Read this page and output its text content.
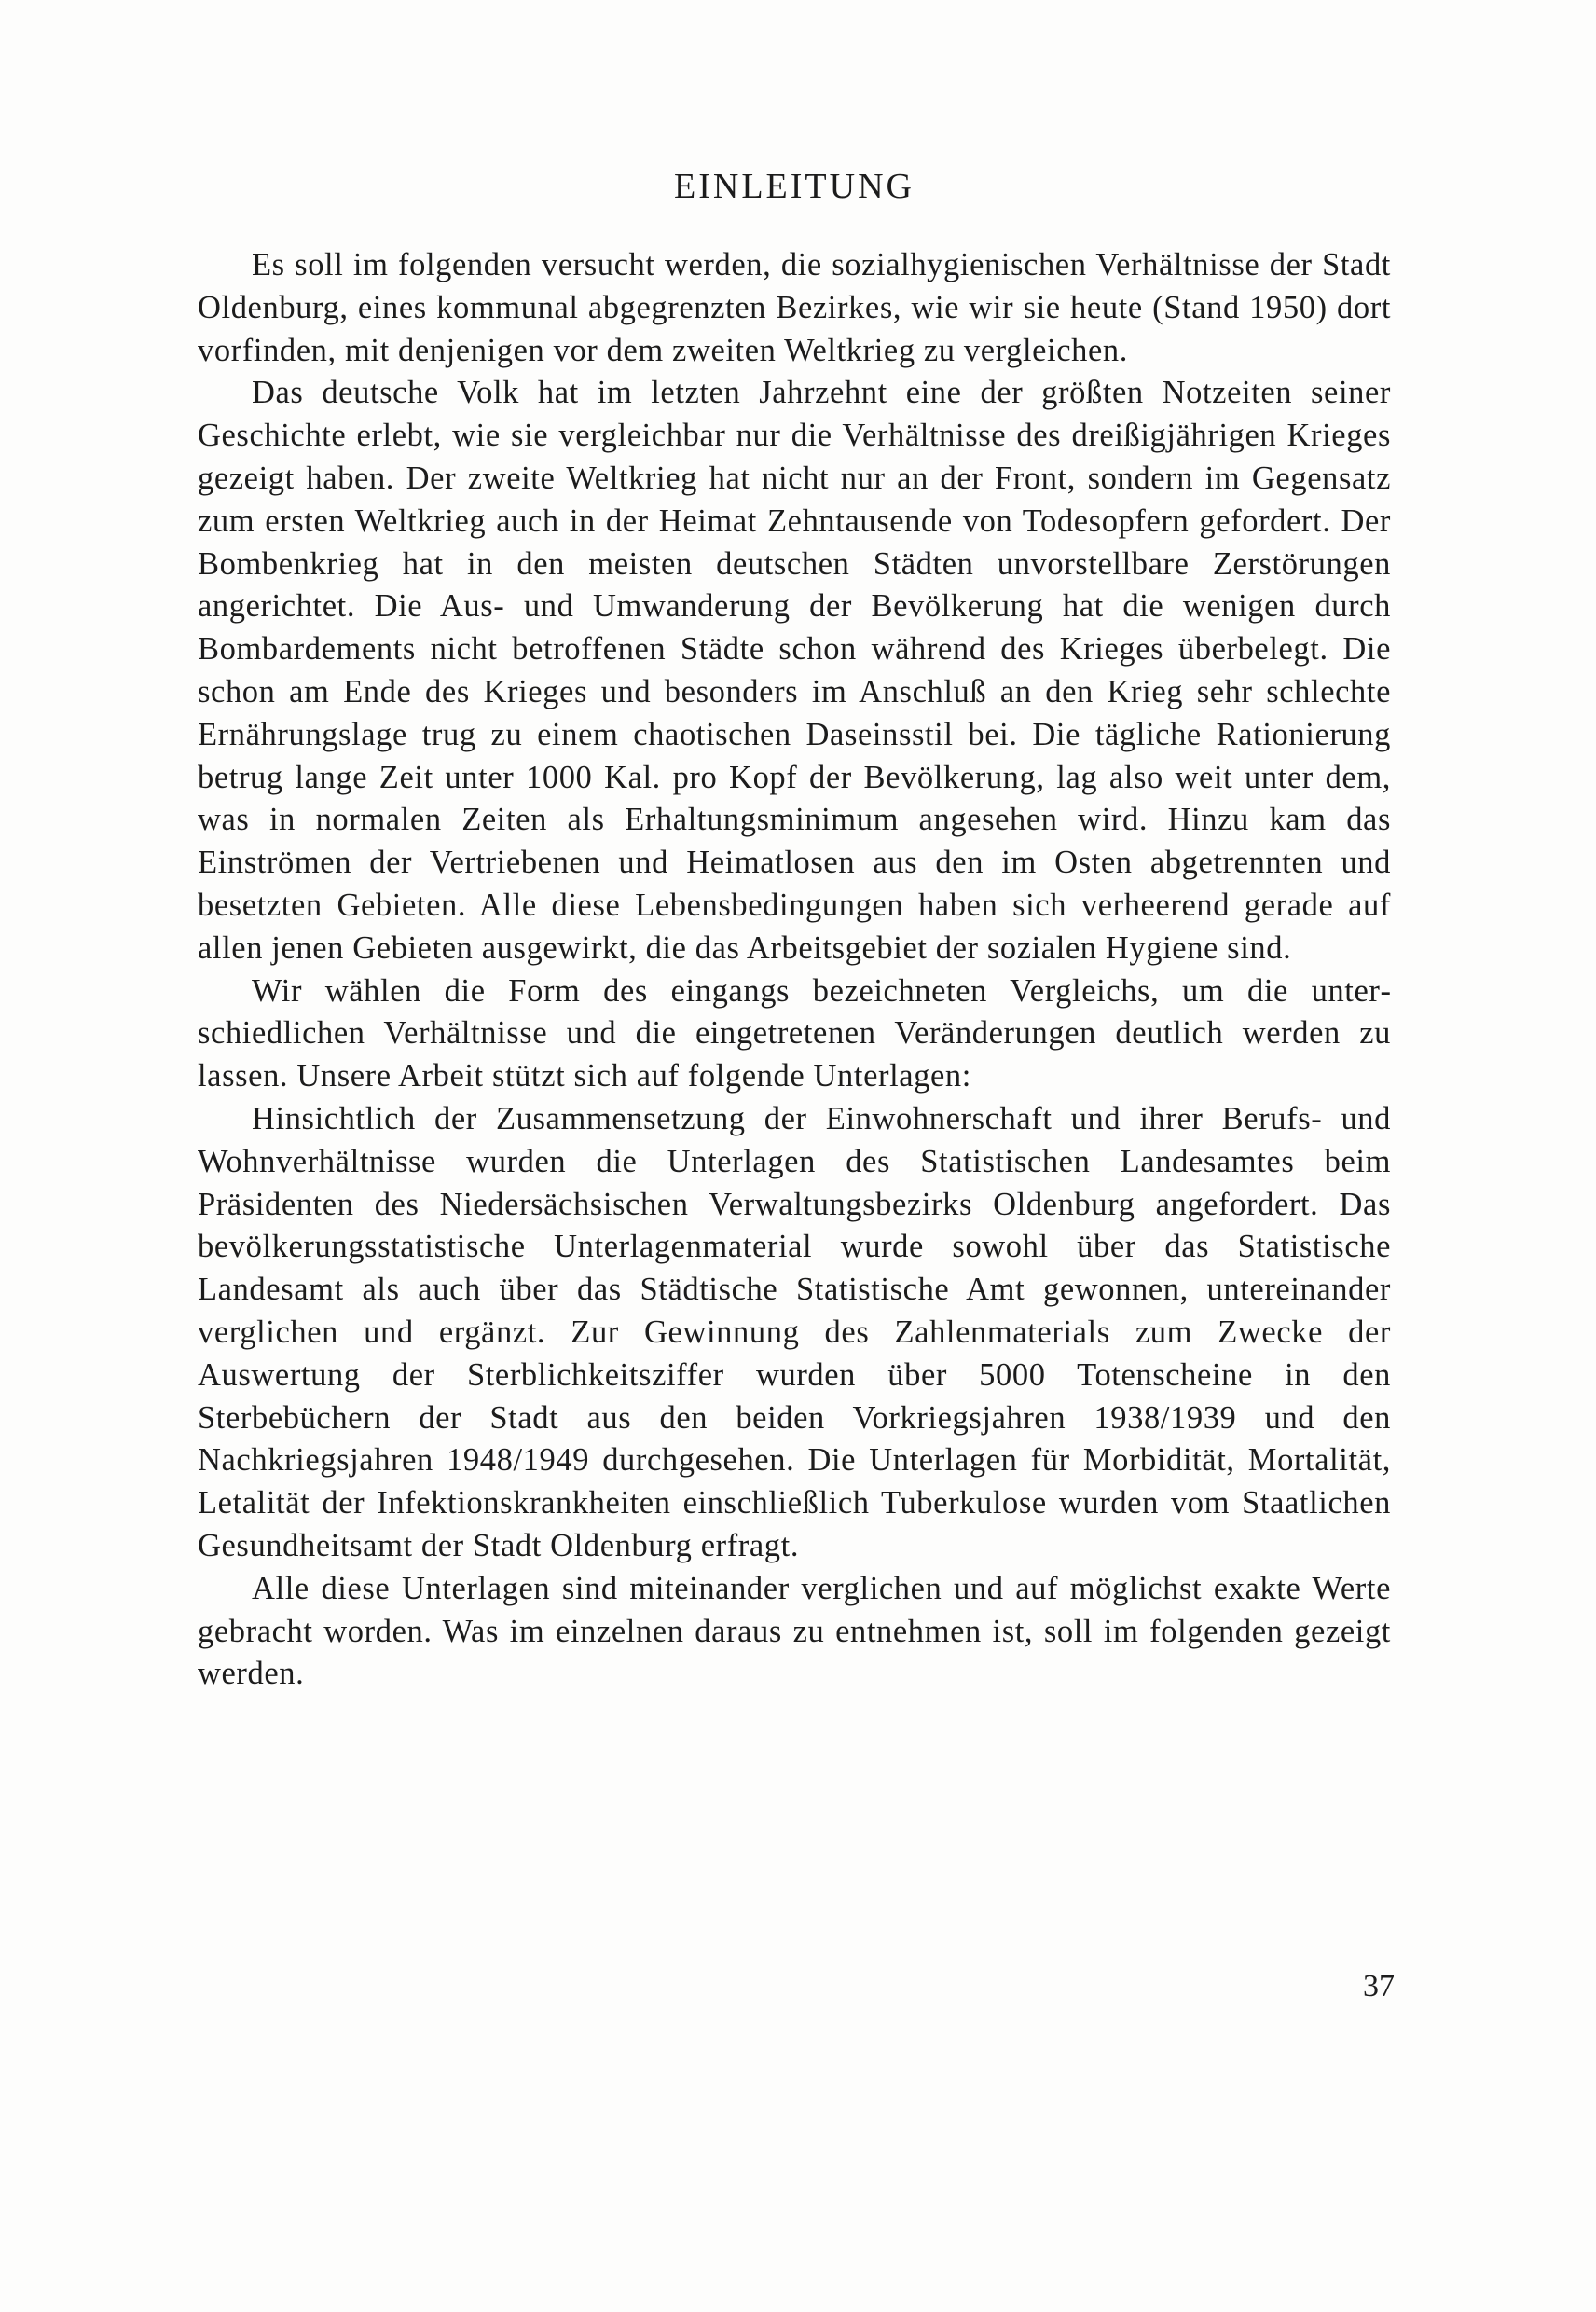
EINLEITUNG

Es soll im folgenden versucht werden, die sozialhygienischen Verhältnisse der Stadt Oldenburg, eines kommunal abgegrenzten Bezirkes, wie wir sie heute (Stand 1950) dort vorfinden, mit denjenigen vor dem zweiten Weltkrieg zu vergleichen.

Das deutsche Volk hat im letzten Jahrzehnt eine der größten Notzeiten seiner Geschichte erlebt, wie sie vergleichbar nur die Verhältnisse des dreißigjährigen Krieges gezeigt haben. Der zweite Weltkrieg hat nicht nur an der Front, sondern im Gegensatz zum ersten Weltkrieg auch in der Heimat Zehntausende von Todesopfern gefordert. Der Bombenkrieg hat in den meisten deutschen Städten unvorstellbare Zerstörungen angerichtet. Die Aus- und Umwanderung der Bevölkerung hat die wenigen durch Bombardements nicht betroffenen Städte schon während des Krieges überbelegt. Die schon am Ende des Krieges und besonders im Anschluß an den Krieg sehr schlechte Ernährungslage trug zu einem chaotischen Daseinsstil bei. Die tägliche Rationierung betrug lange Zeit unter 1000 Kal. pro Kopf der Bevölkerung, lag also weit unter dem, was in normalen Zeiten als Erhaltungsminimum angesehen wird. Hinzu kam das Einströmen der Vertriebenen und Heimatlosen aus den im Osten abgetrennten und besetzten Gebieten. Alle diese Lebensbedingungen haben sich verheerend gerade auf allen jenen Gebieten ausgewirkt, die das Arbeitsgebiet der sozialen Hygiene sind.

Wir wählen die Form des eingangs bezeichneten Vergleichs, um die unterschiedlichen Verhältnisse und die eingetretenen Veränderungen deutlich werden zu lassen. Unsere Arbeit stützt sich auf folgende Unterlagen:

Hinsichtlich der Zusammensetzung der Einwohnerschaft und ihrer Berufs- und Wohnverhältnisse wurden die Unterlagen des Statistischen Landesamtes beim Präsidenten des Niedersächsischen Verwaltungsbezirks Oldenburg angefordert. Das bevölkerungsstatistische Unterlagenmaterial wurde sowohl über das Statistische Landesamt als auch über das Städtische Statistische Amt gewonnen, untereinander verglichen und ergänzt. Zur Gewinnung des Zahlenmaterials zum Zwecke der Auswertung der Sterblichkeitsziffer wurden über 5000 Totenscheine in den Sterbebüchern der Stadt aus den beiden Vorkriegsjahren 1938/1939 und den Nachkriegsjahren 1948/1949 durchgesehen. Die Unterlagen für Morbidität, Mortalität, Letalität der Infektionskrankheiten einschließlich Tuberkulose wurden vom Staatlichen Gesundheitsamt der Stadt Oldenburg erfragt.

Alle diese Unterlagen sind miteinander verglichen und auf möglichst exakte Werte gebracht worden. Was im einzelnen daraus zu entnehmen ist, soll im folgenden gezeigt werden.

37
